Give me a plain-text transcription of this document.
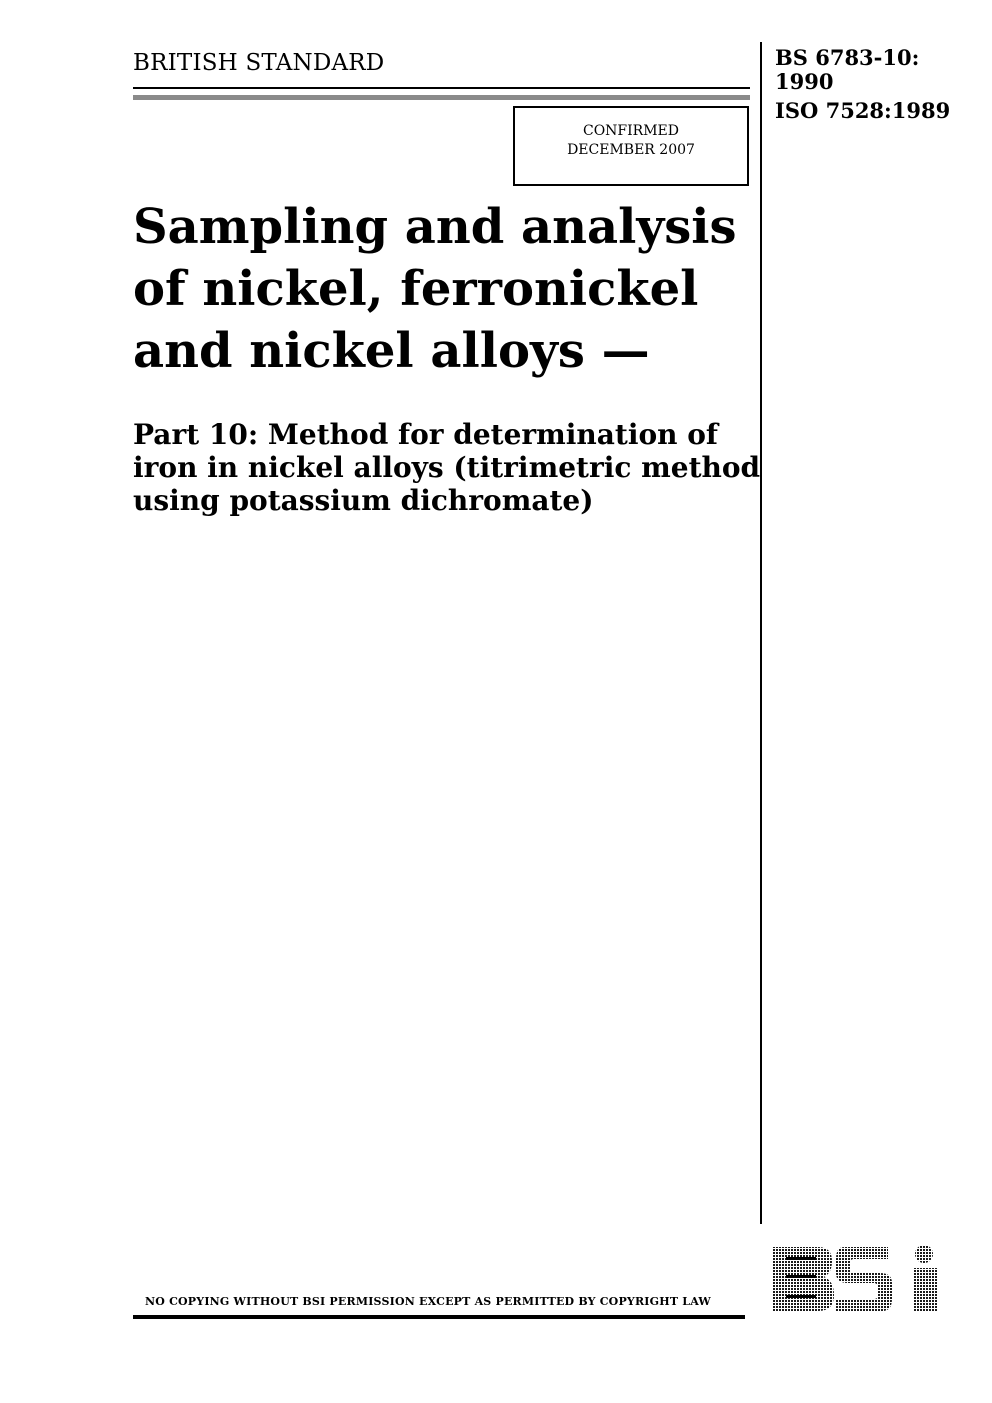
BRITISH STANDARD	BS 6783-10:
1990
ISO 7528:1989
CONFIRMED
DECEMBER 2007
Sampling and analysis
of nickel, ferronickel
and nickel alloys —
Part 10: Method for determination of
iron in nickel alloys (titrimetric method
using potassium dichromate)
NO COPYING WITHOUT BSI PERMISSION EXCEPT AS PERMITTED BY COPYRIGHT LAW
